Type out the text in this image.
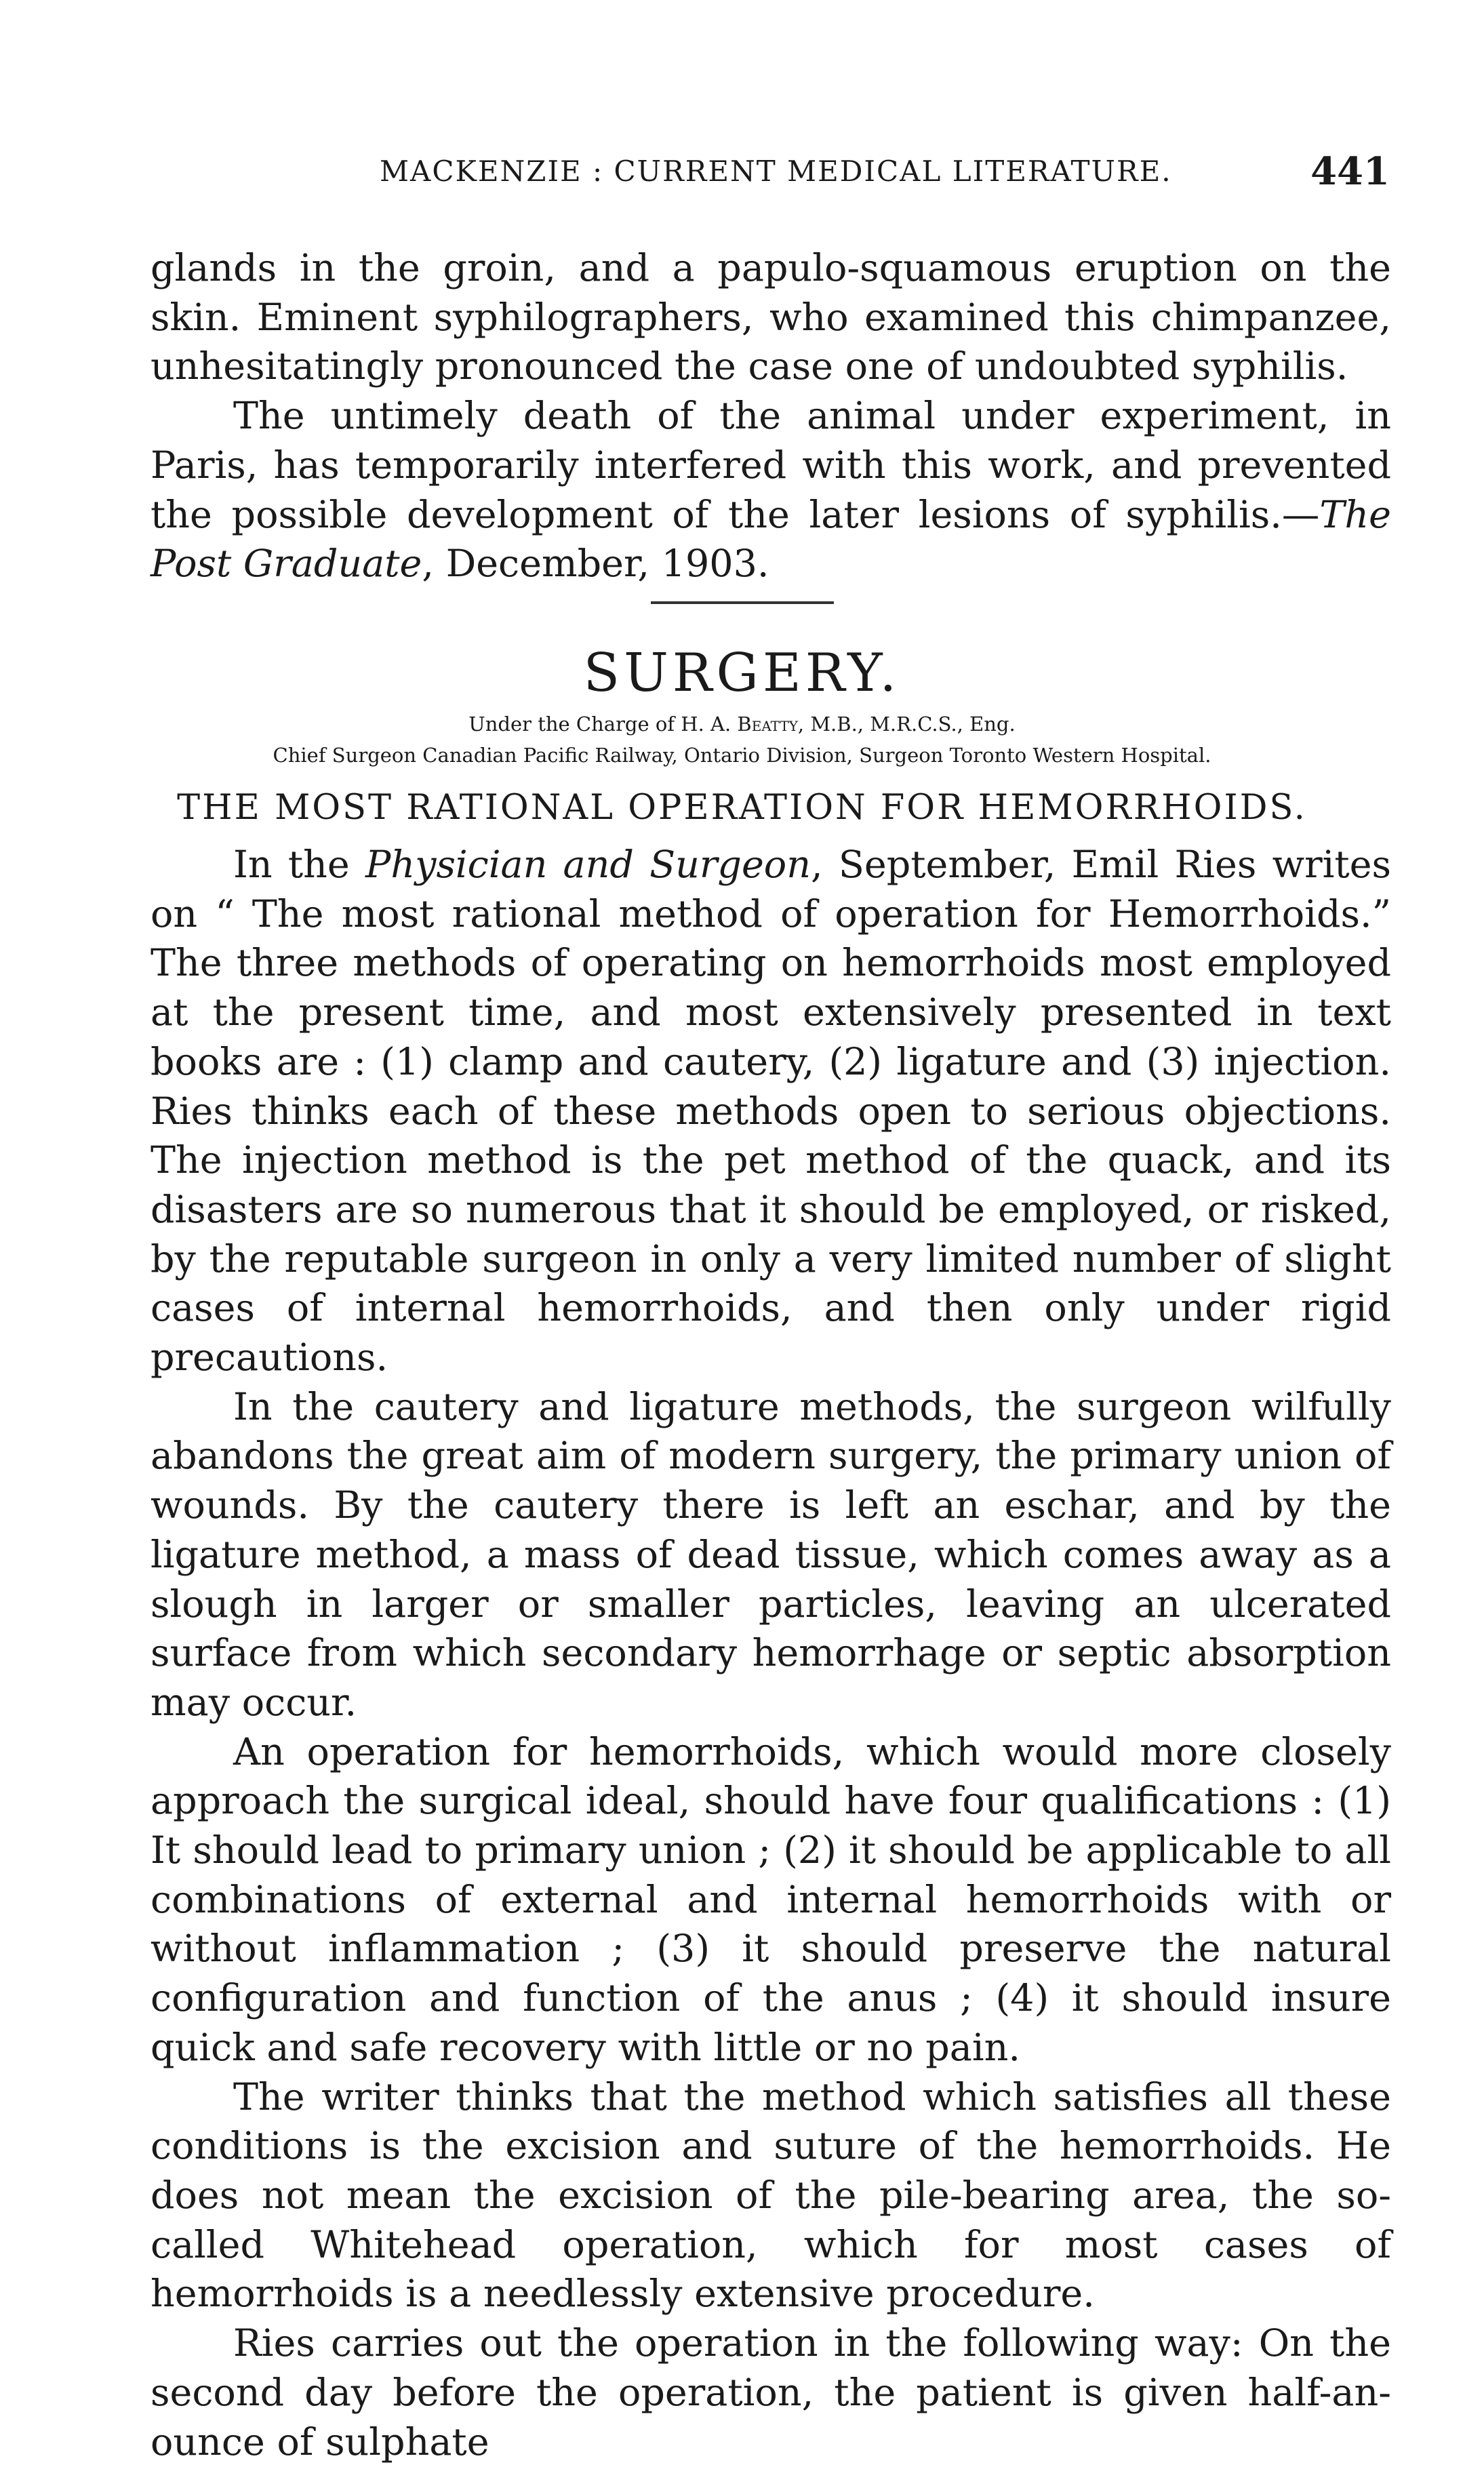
MACKENZIE : CURRENT MEDICAL LITERATURE.	441

glands in the groin, and a papulo-squamous eruption on the skin. Eminent syphilographers, who examined this chimpanzee, unhesitatingly pronounced the case one of undoubted syphilis.

The untimely death of the animal under experiment, in Paris, has temporarily interfered with this work, and prevented the possible development of the later lesions of syphilis.—The Post Graduate, December, 1903.

SURGERY.
Under the Charge of H. A. Beatty, M.B., M.R.C.S., Eng.
Chief Surgeon Canadian Pacific Railway, Ontario Division, Surgeon Toronto Western Hospital.
THE MOST RATIONAL OPERATION FOR HEMORRHOIDS.

In the Physician and Surgeon, September, Emil Ries writes on “ The most rational method of operation for Hemorrhoids.” The three methods of operating on hemorrhoids most employed at the present time, and most extensively presented in text books are : (1) clamp and cautery, (2) ligature and (3) injection. Ries thinks each of these methods open to serious objections. The injection method is the pet method of the quack, and its disasters are so numerous that it should be employed, or risked, by the reputable surgeon in only a very limited number of slight cases of internal hemorrhoids, and then only under rigid precautions.

In the cautery and ligature methods, the surgeon wilfully abandons the great aim of modern surgery, the primary union of wounds. By the cautery there is left an eschar, and by the ligature method, a mass of dead tissue, which comes away as a slough in larger or smaller particles, leaving an ulcerated surface from which secondary hemorrhage or septic absorption may occur.

An operation for hemorrhoids, which would more closely approach the surgical ideal, should have four qualifications : (1) It should lead to primary union ; (2) it should be applicable to all combinations of external and internal hemorrhoids with or without inflammation ; (3) it should preserve the natural configuration and function of the anus ; (4) it should insure quick and safe recovery with little or no pain.

The writer thinks that the method which satisfies all these conditions is the excision and suture of the hemorrhoids. He does not mean the excision of the pile-bearing area, the so-called Whitehead operation, which for most cases of hemorrhoids is a needlessly extensive procedure.

Ries carries out the operation in the following way: On the second day before the operation, the patient is given half-an-ounce of sulphate
